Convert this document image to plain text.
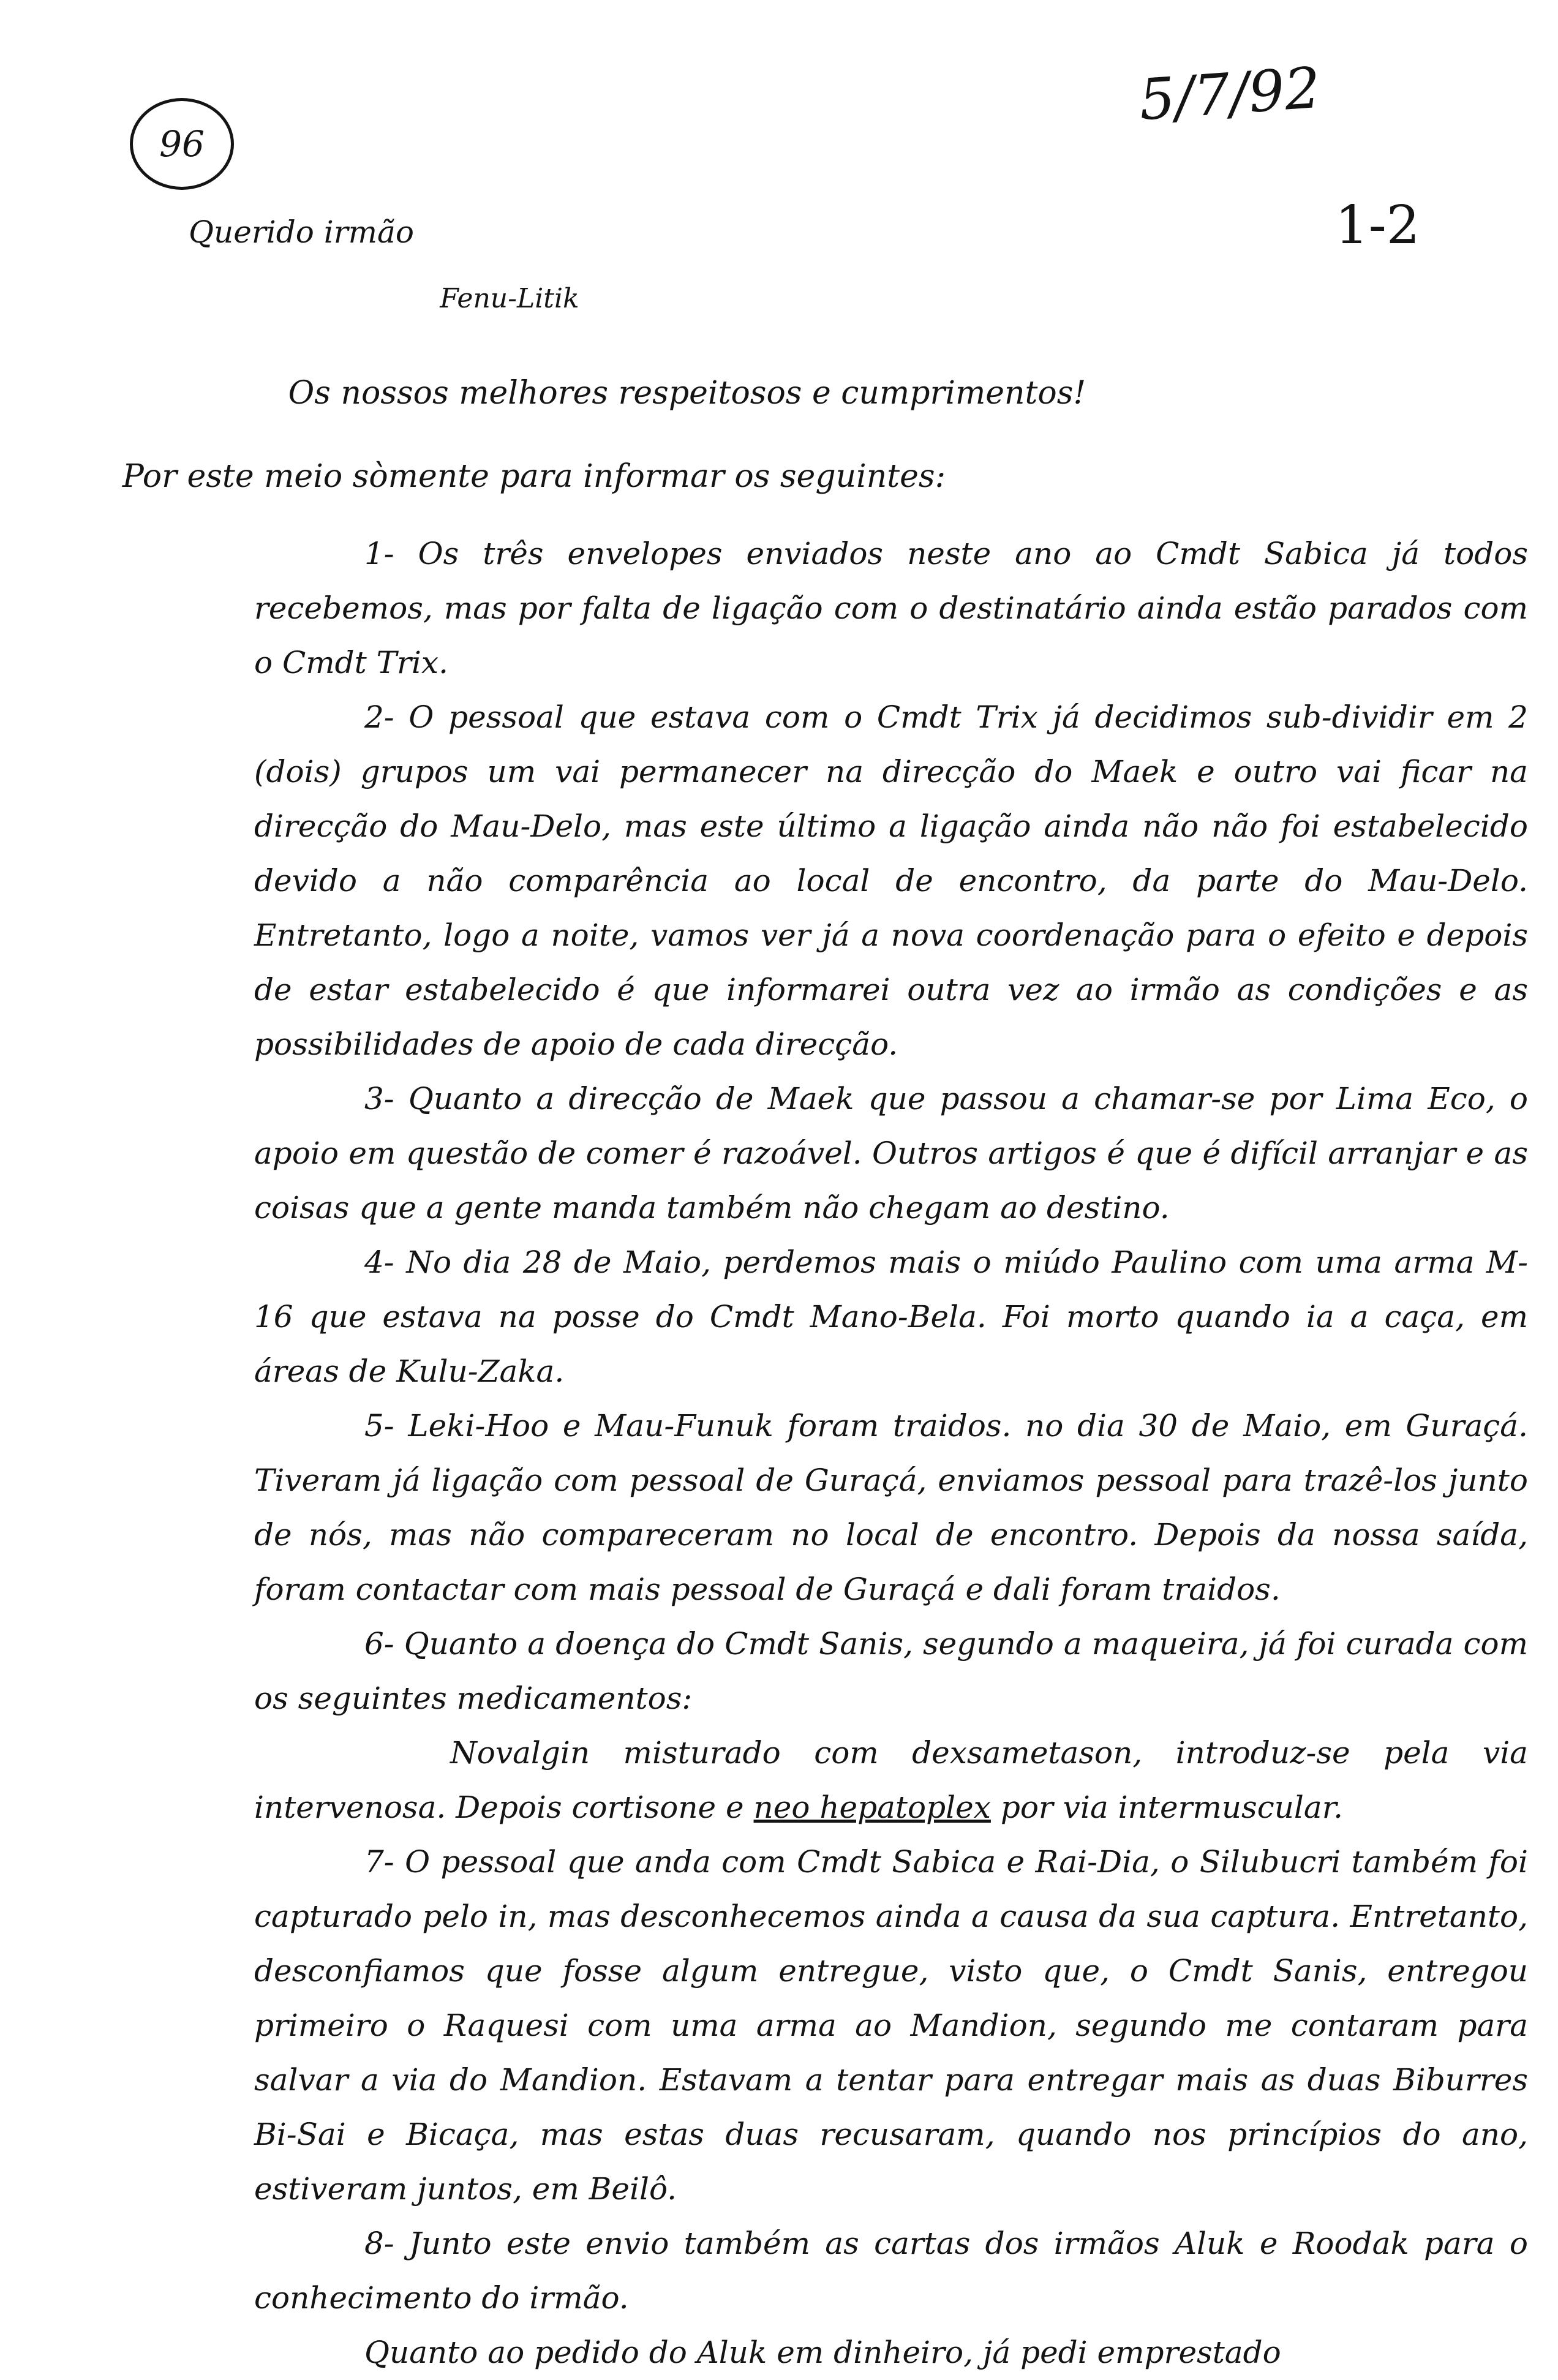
96
5/7/92
1-2
Querido irmão
Fenu-Litik
Os nossos melhores respeitosos e cumprimentos!
Por este meio sòmente para informar os seguintes:

1- Os três envelopes enviados neste ano ao Cmdt Sabica já todos recebemos, mas por falta de ligação com o destinatário ainda estão parados com o Cmdt Trix.

2- O pessoal que estava com o Cmdt Trix já decidimos sub-dividir em 2 (dois) grupos um vai permanecer na direcção do Maek e outro vai ficar na direcção do Mau-Delo, mas este último a ligação ainda não não foi estabelecido devido a não comparência ao local de encontro, da parte do Mau-Delo. Entretanto, logo a noite, vamos ver já a nova coordenação para o efeito e depois de estar estabelecido é que informarei outra vez ao irmão as condições e as possibilidades de apoio de cada direcção.

3- Quanto a direcção de Maek que passou a chamar-se por Lima Eco, o apoio em questão de comer é razoável. Outros artigos é que é difícil arranjar e as coisas que a gente manda também não chegam ao destino.

4- No dia 28 de Maio, perdemos mais o miúdo Paulino com uma arma M-16 que estava na posse do Cmdt Mano-Bela. Foi morto quando ia a caça, em áreas de Kulu-Zaka.

5- Leki-Hoo e Mau-Funuk foram traidos. no dia 30 de Maio, em Guraçá. Tiveram já ligação com pessoal de Guraçá, enviamos pessoal para trazê-los junto de nós, mas não compareceram no local de encontro. Depois da nossa saída, foram contactar com mais pessoal de Guraçá e dali foram traidos.

6- Quanto a doença do Cmdt Sanis, segundo a maqueira, já foi curada com os seguintes medicamentos:

Novalgin misturado com dexsametason, introduz-se pela via intervenosa. Depois cortisone e neo hepatoplex por via intermuscular.

7- O pessoal que anda com Cmdt Sabica e Rai-Dia, o Silubucri também foi capturado pelo in, mas desconhecemos ainda a causa da sua captura. Entretanto, desconfiamos que fosse algum entregue, visto que, o Cmdt Sanis, entregou primeiro o Raquesi com uma arma ao Mandion, segundo me contaram para salvar a via do Mandion. Estavam a tentar para entregar mais as duas Biburres Bi-Sai e Bicaça, mas estas duas recusaram, quando nos princípios do ano, estiveram juntos, em Beilô.

8- Junto este envio também as cartas dos irmãos Aluk e Roodak para o conhecimento do irmão.

Quanto ao pedido do Aluk em dinheiro, já pedi emprestado
